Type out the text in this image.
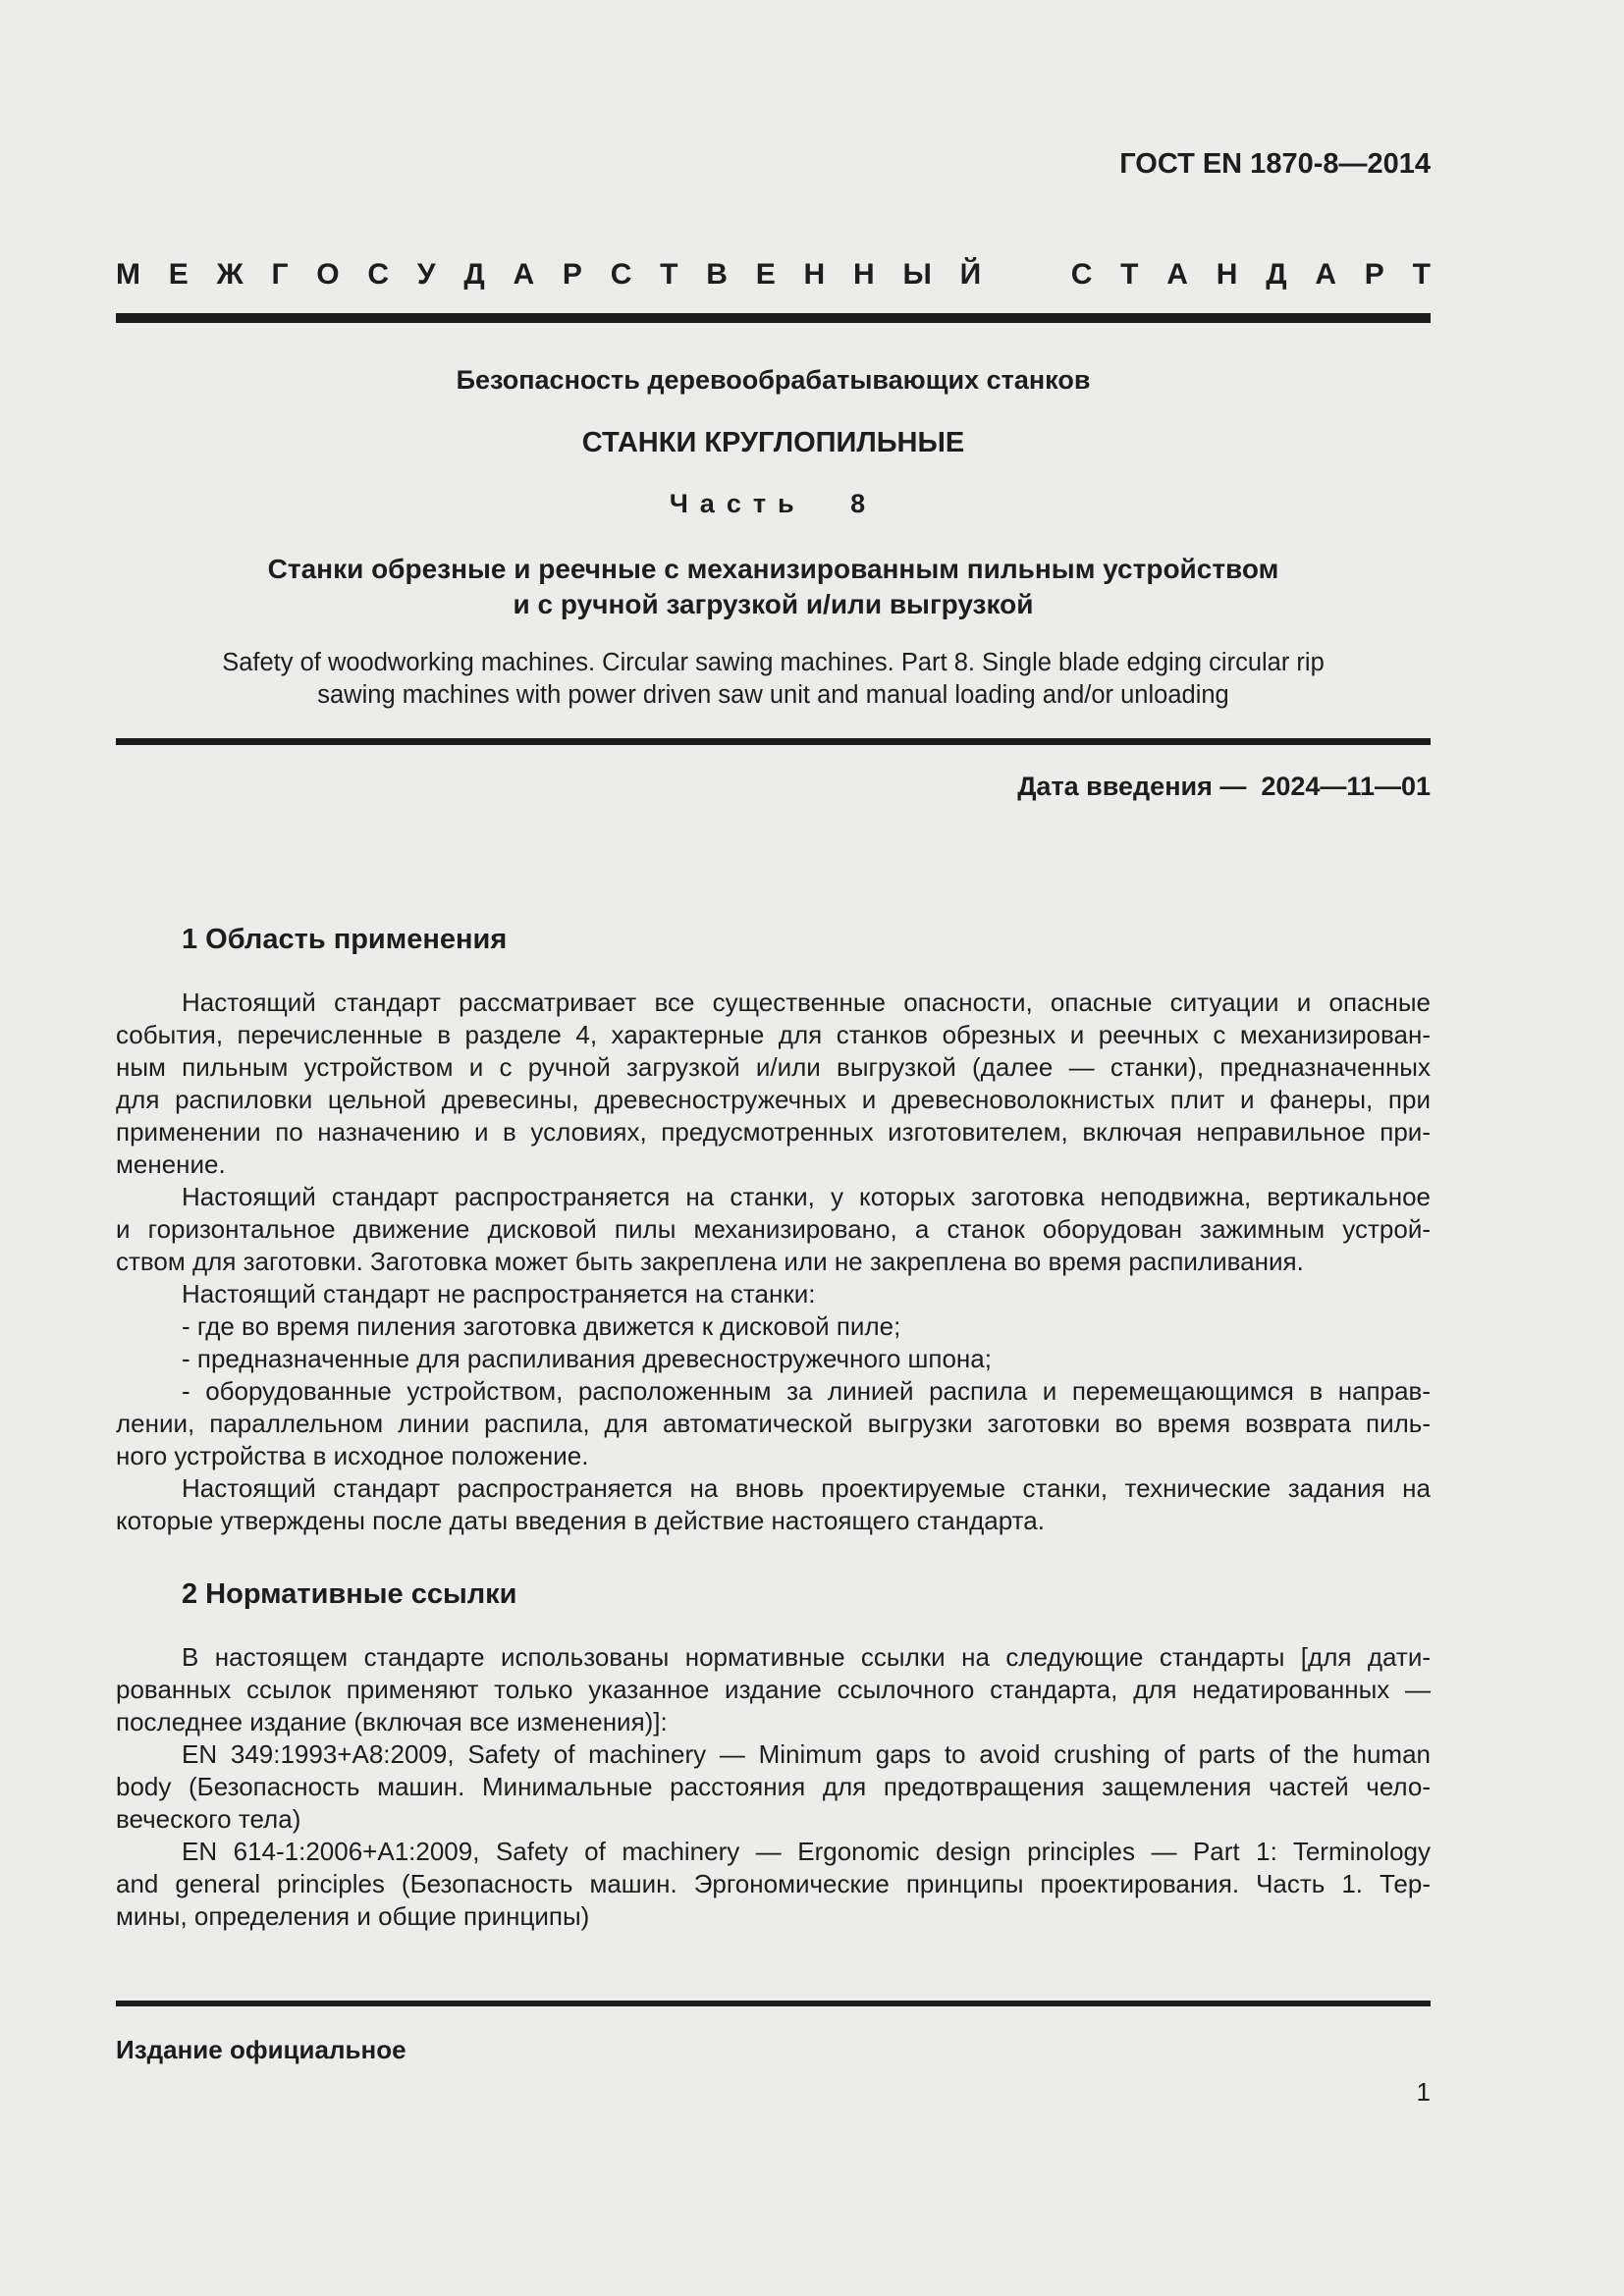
ГОСТ EN 1870-8—2014
М Е Ж Г О С У Д А Р С Т В Е Н Н Ы Й
	С Т А Н Д А Р Т
Безопасность деревообрабатывающих станков
СТАНКИ КРУГЛОПИЛЬНЫЕ
Часть 8
Станки обрезные и реечные с механизированным пильным устройством
и с ручной загрузкой и/или выгрузкой
Safety of woodworking machines. Circular sawing machines. Part 8. Single blade edging circular rip
sawing machines with power driven saw unit and manual loading and/or unloading
Дата введения —  2024—11—01
1 Область применения
Настоящий стандарт рассматривает все существенные опасности, опасные ситуации и опасные
события, перечисленные в разделе 4, характерные для станков обрезных и реечных с механизирован-
ным пильным устройством и с ручной загрузкой и/или выгрузкой (далее — станки), предназначенных
для распиловки цельной древесины, древесностружечных и древесноволокнистых плит и фанеры, при
применении по назначению и в условиях, предусмотренных изготовителем, включая неправильное при-
менение.
Настоящий стандарт распространяется на станки, у которых заготовка неподвижна, вертикальное
и горизонтальное движение дисковой пилы механизировано, а станок оборудован зажимным устрой-
ством для заготовки. Заготовка может быть закреплена или не закреплена во время распиливания.
Настоящий стандарт не распространяется на станки:
- где во время пиления заготовка движется к дисковой пиле;
- предназначенные для распиливания древесностружечного шпона;
- оборудованные устройством, расположенным за линией распила и перемещающимся в направ-
лении, параллельном линии распила, для автоматической выгрузки заготовки во время возврата пиль-
ного устройства в исходное положение.
Настоящий стандарт распространяется на вновь проектируемые станки, технические задания на
которые утверждены после даты введения в действие настоящего стандарта.
2 Нормативные ссылки
В настоящем стандарте использованы нормативные ссылки на следующие стандарты [для дати-
рованных ссылок применяют только указанное издание ссылочного стандарта, для недатированных —
последнее издание (включая все изменения)]:
EN 349:1993+A8:2009, Safety of machinery — Minimum gaps to avoid crushing of parts of the human
body (Безопасность машин. Минимальные расстояния для предотвращения защемления частей чело-
веческого тела)
EN 614-1:2006+A1:2009, Safety of machinery — Ergonomic design principles — Part 1: Terminology
and general principles (Безопасность машин. Эргономические принципы проектирования. Часть 1. Тер-
мины, определения и общие принципы)
Издание официальное
1
